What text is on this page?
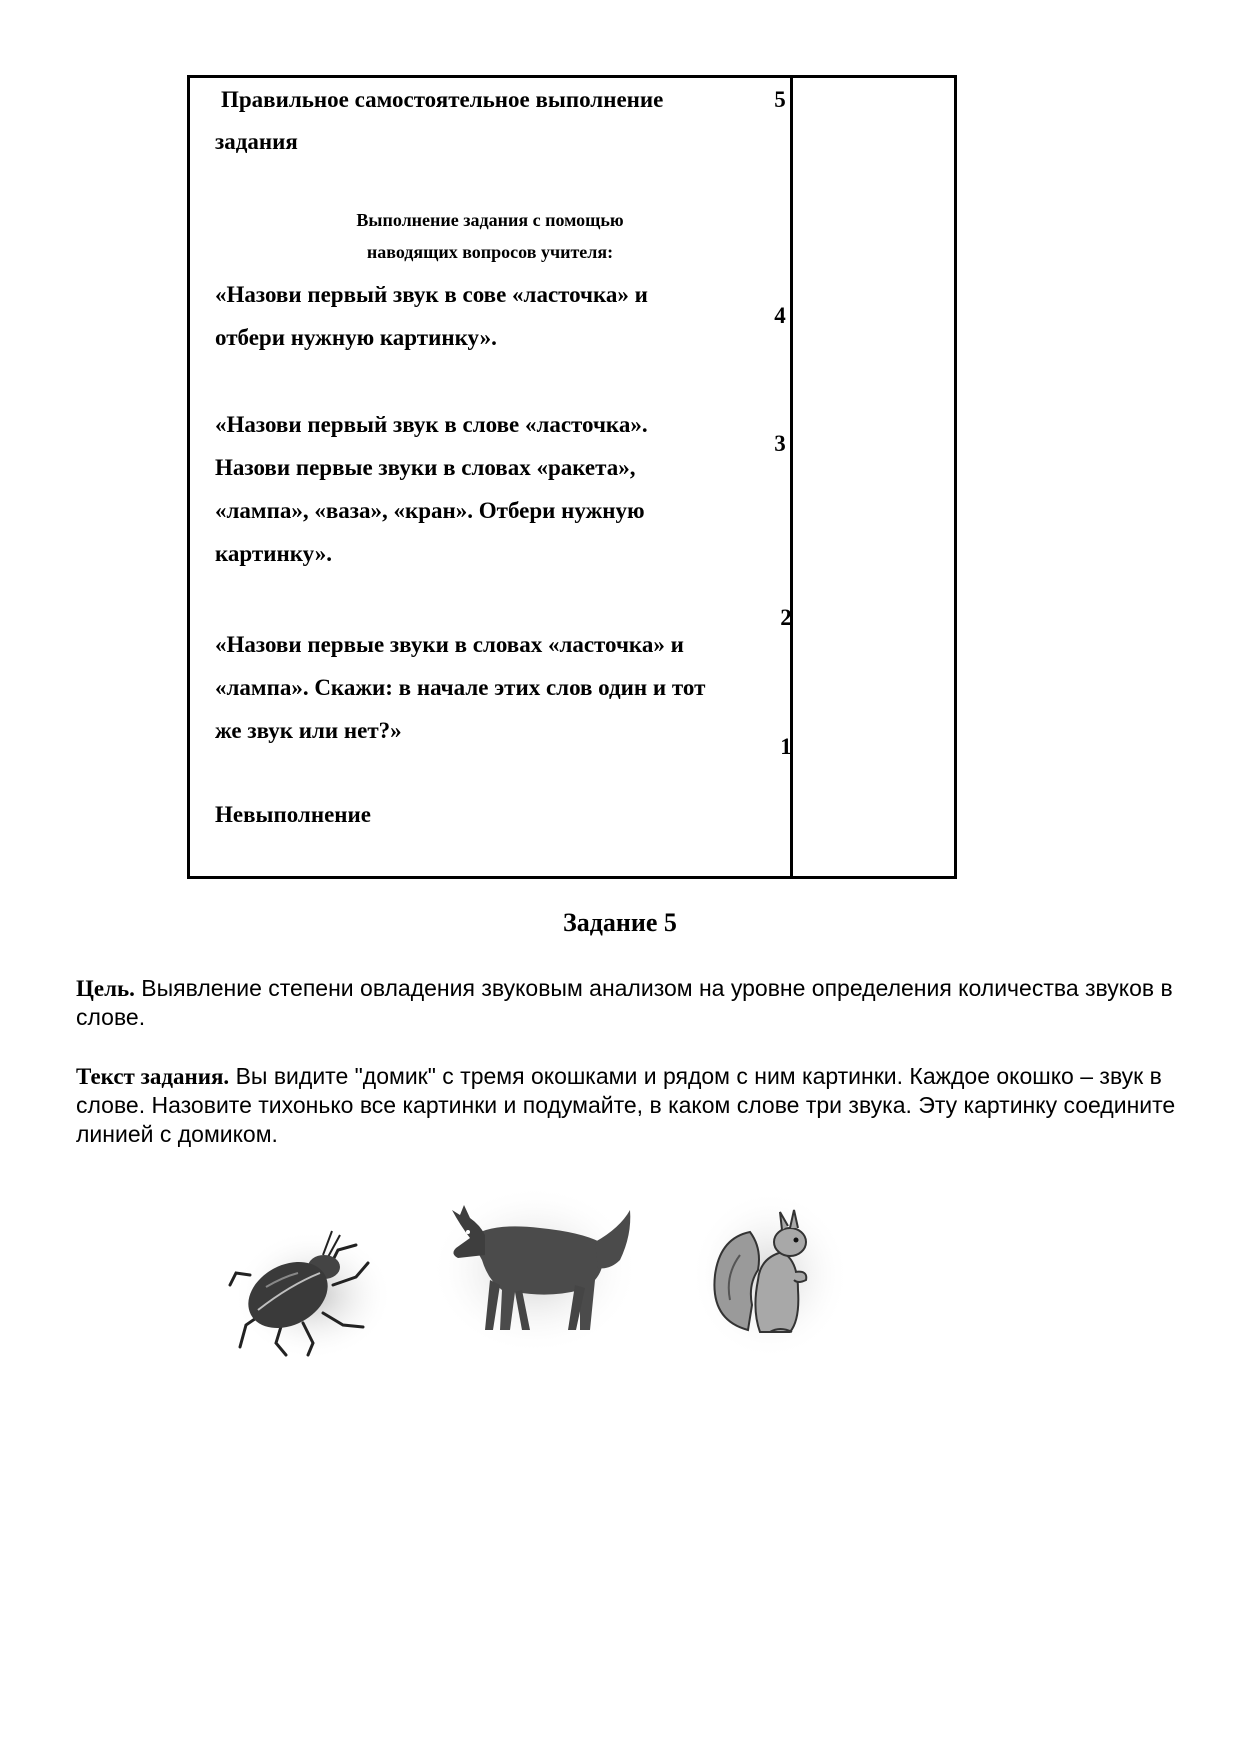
Правильное самостоятельное выполнение
задания
5
Выполнение задания с помощью
наводящих вопросов учителя:
«Назови первый звук в сове «ласточка» и
отбери нужную картинку».
4
«Назови первый звук в слове «ласточка».
Назови первые звуки в словах «ракета»,
«лампа», «ваза», «кран». Отбери нужную
картинку».
3
2
«Назови первые звуки в словах «ласточка» и
«лампа». Скажи: в начале этих слов один и тот
же звук или нет?»
1
Невыполнение
Задание 5
Цель. Выявление степени овладения звуковым анализом на уровне определения количества звуков в слове.
Текст задания. Вы видите "домик" с тремя окошками и рядом с ним картинки. Каждое окошко – звук в слове. Назовите тихонько все картинки и подумайте, в каком слове три звука. Эту картинку соедините линией с домиком.
